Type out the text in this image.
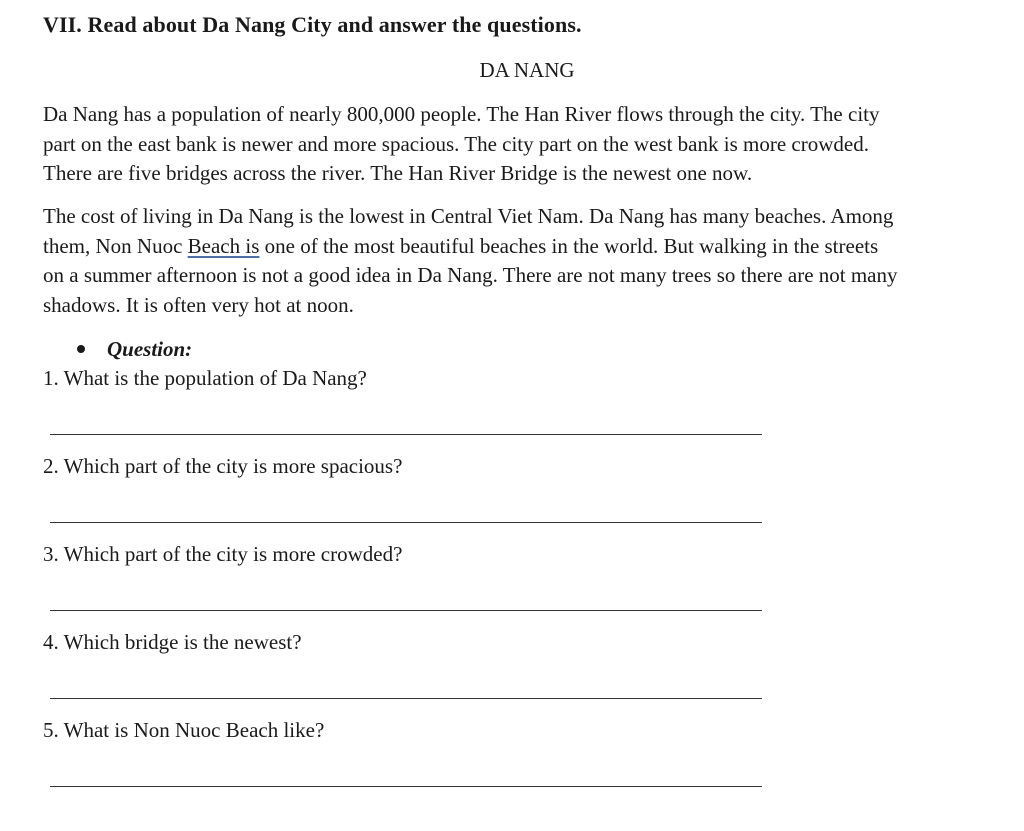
VII. Read about Da Nang City and answer the questions.
DA NANG
Da Nang has a population of nearly 800,000 people. The Han River flows through the city. The city
part on the east bank is newer and more spacious. The city part on the west bank is more crowded.
There are five bridges across the river. The Han River Bridge is the newest one now.
The cost of living in Da Nang is the lowest in Central Viet Nam. Da Nang has many beaches. Among
them, Non Nuoc Beach is one of the most beautiful beaches in the world. But walking in the streets
on a summer afternoon is not a good idea in Da Nang. There are not many trees so there are not many
shadows. It is often very hot at noon.
Question:
1. What is the population of Da Nang?
2. Which part of the city is more spacious?
3. Which part of the city is more crowded?
4. Which bridge is the newest?
5. What is Non Nuoc Beach like?
